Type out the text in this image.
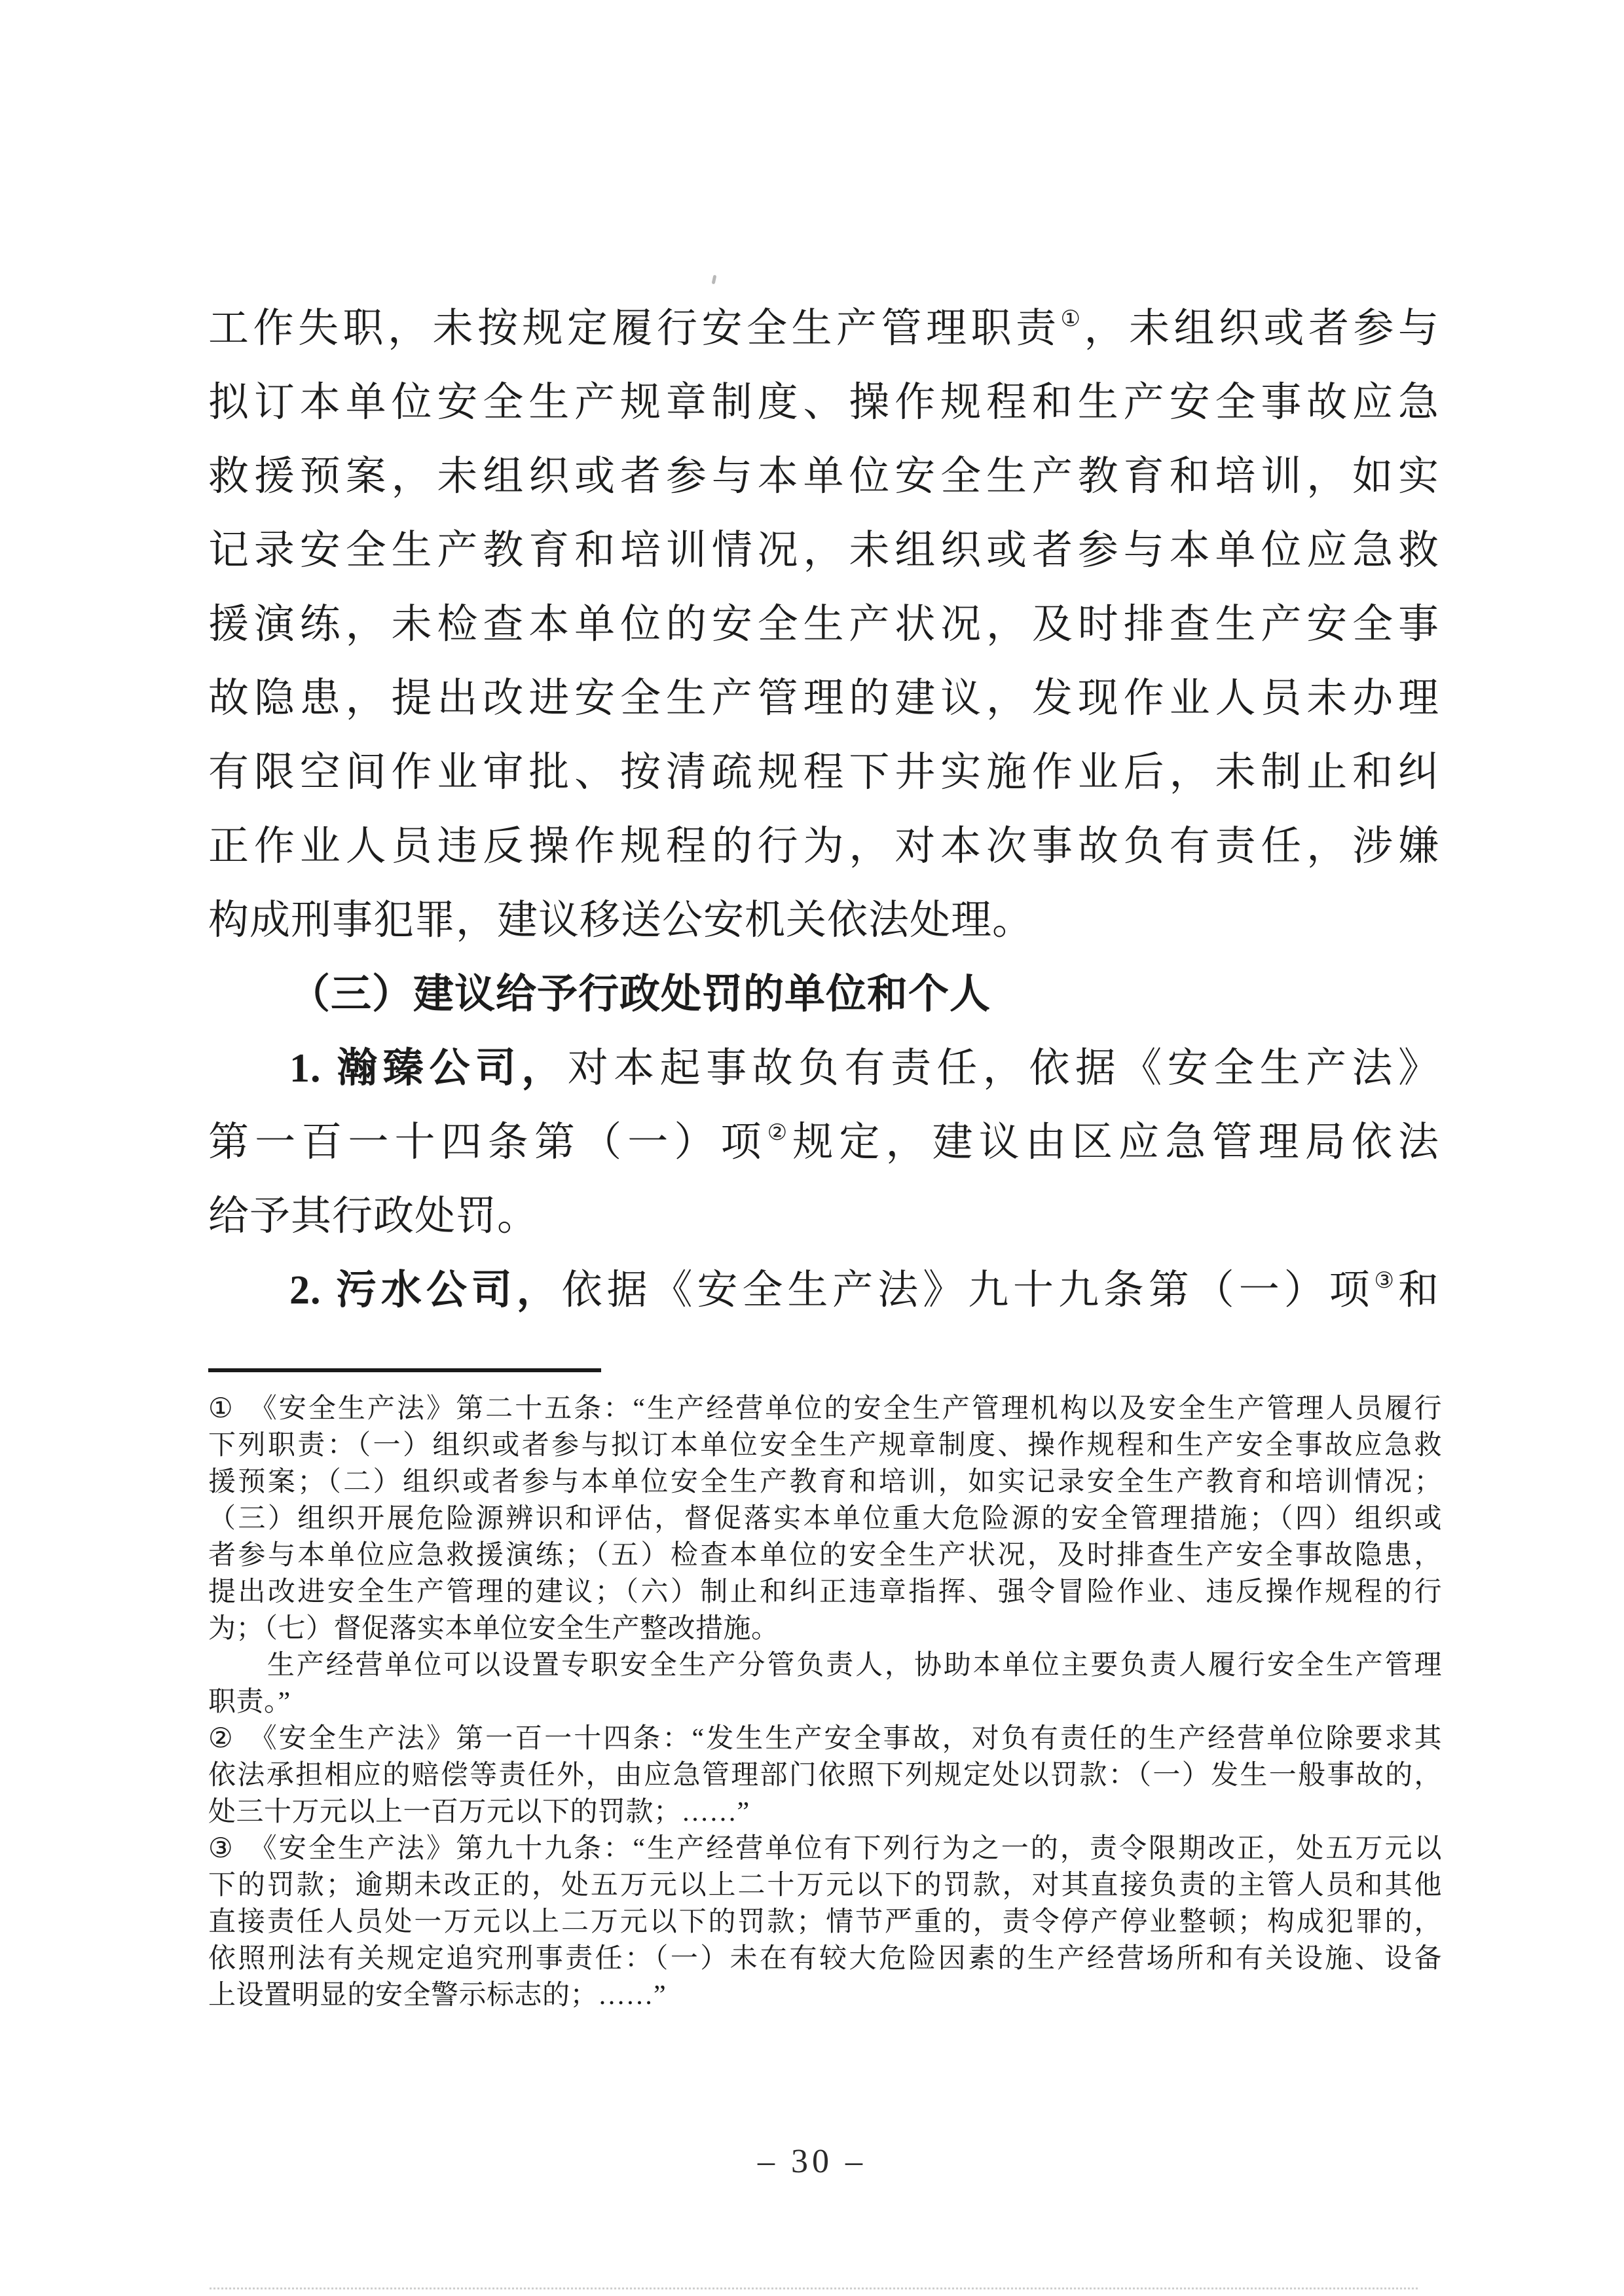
工作失职，未按规定履行安全生产管理职责①，未组织或者参与
拟订本单位安全生产规章制度、操作规程和生产安全事故应急
救援预案，未组织或者参与本单位安全生产教育和培训，如实
记录安全生产教育和培训情况，未组织或者参与本单位应急救
援演练，未检查本单位的安全生产状况，及时排查生产安全事
故隐患，提出改进安全生产管理的建议，发现作业人员未办理
有限空间作业审批、按清疏规程下井实施作业后，未制止和纠
正作业人员违反操作规程的行为，对本次事故负有责任，涉嫌
构成刑事犯罪，建议移送公安机关依法处理。
（三）建议给予行政处罚的单位和个人
1. 瀚臻公司，对本起事故负有责任，依据《安全生产法》
第一百一十四条第（一）项②规定，建议由区应急管理局依法
给予其行政处罚。
2. 污水公司，依据《安全生产法》九十九条第（一）项③和
① 《安全生产法》第二十五条：“生产经营单位的安全生产管理机构以及安全生产管理人员履行
下列职责：（一）组织或者参与拟订本单位安全生产规章制度、操作规程和生产安全事故应急救
援预案；（二）组织或者参与本单位安全生产教育和培训，如实记录安全生产教育和培训情况；
（三）组织开展危险源辨识和评估，督促落实本单位重大危险源的安全管理措施；（四）组织或
者参与本单位应急救援演练；（五）检查本单位的安全生产状况，及时排查生产安全事故隐患，
提出改进安全生产管理的建议；（六）制止和纠正违章指挥、强令冒险作业、违反操作规程的行
为；（七）督促落实本单位安全生产整改措施。
　　生产经营单位可以设置专职安全生产分管负责人，协助本单位主要负责人履行安全生产管理
职责。”
② 《安全生产法》第一百一十四条：“发生生产安全事故，对负有责任的生产经营单位除要求其
依法承担相应的赔偿等责任外，由应急管理部门依照下列规定处以罚款：（一）发生一般事故的，
处三十万元以上一百万元以下的罚款；……”
③ 《安全生产法》第九十九条：“生产经营单位有下列行为之一的，责令限期改正，处五万元以
下的罚款；逾期未改正的，处五万元以上二十万元以下的罚款，对其直接负责的主管人员和其他
直接责任人员处一万元以上二万元以下的罚款；情节严重的，责令停产停业整顿；构成犯罪的，
依照刑法有关规定追究刑事责任：（一）未在有较大危险因素的生产经营场所和有关设施、设备
上设置明显的安全警示标志的；……”
– 30 –
